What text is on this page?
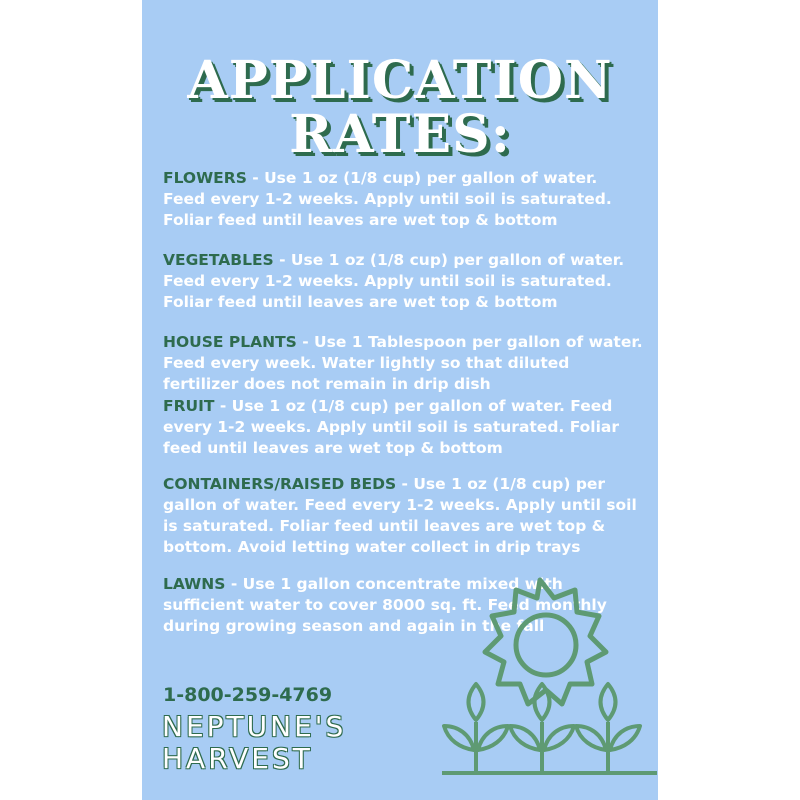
APPLICATION
RATES:
FLOWERS - Use 1 oz (1/8 cup) per gallon of water. Feed every 1-2 weeks. Apply until soil is saturated. Foliar feed until leaves are wet top & bottom
VEGETABLES - Use 1 oz (1/8 cup) per gallon of water. Feed every 1-2 weeks. Apply until soil is saturated. Foliar feed until leaves are wet top & bottom
HOUSE PLANTS - Use 1 Tablespoon per gallon of water. Feed every week. Water lightly so that diluted fertilizer does not remain in drip dish
FRUIT - Use 1 oz (1/8 cup) per gallon of water. Feed every 1-2 weeks. Apply until soil is saturated. Foliar feed until leaves are wet top & bottom
CONTAINERS/RAISED BEDS - Use 1 oz (1/8 cup) per gallon of water. Feed every 1-2 weeks. Apply until soil is saturated. Foliar feed until leaves are wet top & bottom. Avoid letting water collect in drip trays
LAWNS - Use 1 gallon concentrate mixed with sufficient water to cover 8000 sq. ft. Feed monthly during growing season and again in the fall
1-800-259-4769
NEPTUNE'S
HARVEST
